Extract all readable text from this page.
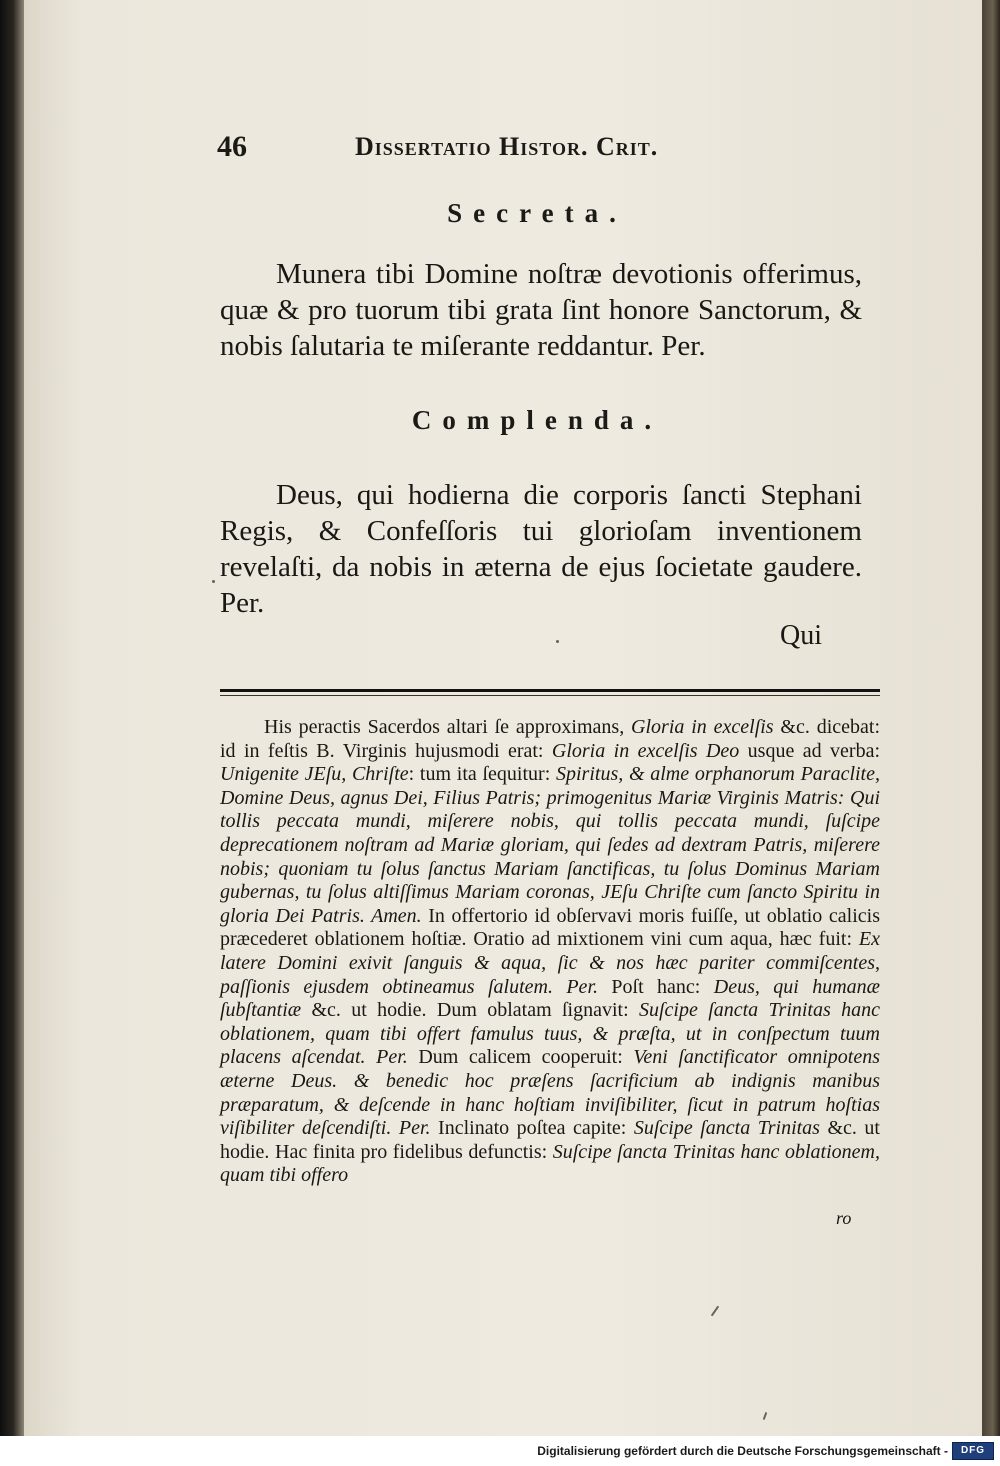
46	Dissertatio Histor. Crit.
Secreta.
Munera tibi Domine noſtræ devotionis offerimus, quæ & pro tuorum tibi grata ſint honore Sanctorum, & nobis ſalutaria te miſerante reddantur. Per.
Complenda.
Deus, qui hodierna die corporis ſancti Stephani Regis, & Confeſſoris tui glorioſam inventionem revelaſti, da nobis in æterna de ejus ſocietate gaudere. Per.
Qui
His peractis Sacerdos altari ſe approximans, Gloria in excelſis &c. dicebat: id in feſtis B. Virginis hujusmodi erat: Gloria in excelſis Deo usque ad verba: Unigenite JEſu, Chriſte: tum ita ſequitur: Spiritus, & alme orphanorum Paraclite, Domine Deus, agnus Dei, Filius Patris; primogenitus Mariæ Virginis Matris: Qui tollis peccata mundi, miſerere nobis, qui tollis peccata mundi, ſuſcipe deprecationem noſtram ad Mariæ gloriam, qui ſedes ad dextram Patris, miſerere nobis; quoniam tu ſolus ſanctus Mariam ſanctificas, tu ſolus Dominus Mariam gubernas, tu ſolus altiſſimus Mariam coronas, JEſu Chriſte cum ſancto Spiritu in gloria Dei Patris. Amen. In offertorio id obſervavi moris fuiſſe, ut oblatio calicis præcederet oblationem hoſtiæ. Oratio ad mixtionem vini cum aqua, hæc fuit: Ex latere Domini exivit ſanguis & aqua, ſic & nos hæc pariter commiſcentes, paſſionis ejusdem obtineamus ſalutem. Per. Poſt hanc: Deus, qui humanæ ſubſtantiæ &c. ut hodie. Dum oblatam ſignavit: Suſcipe ſancta Trinitas hanc oblationem, quam tibi offert famulus tuus, & præſta, ut in conſpectum tuum placens aſcendat. Per. Dum calicem cooperuit: Veni ſanctificator omnipotens æterne Deus. & benedic hoc præſens ſacrificium ab indignis manibus præparatum, & deſcende in hanc hoſtiam inviſibiliter, ſicut in patrum hoſtias viſibiliter deſcendiſti. Per. Inclinato poſtea capite: Suſcipe ſancta Trinitas &c. ut hodie. Hac finita pro fidelibus defunctis: Suſcipe ſancta Trinitas hanc oblationem, quam tibi offero
ro
Digitalisierung gefördert durch die Deutsche Forschungsgemeinschaft -	DFG
